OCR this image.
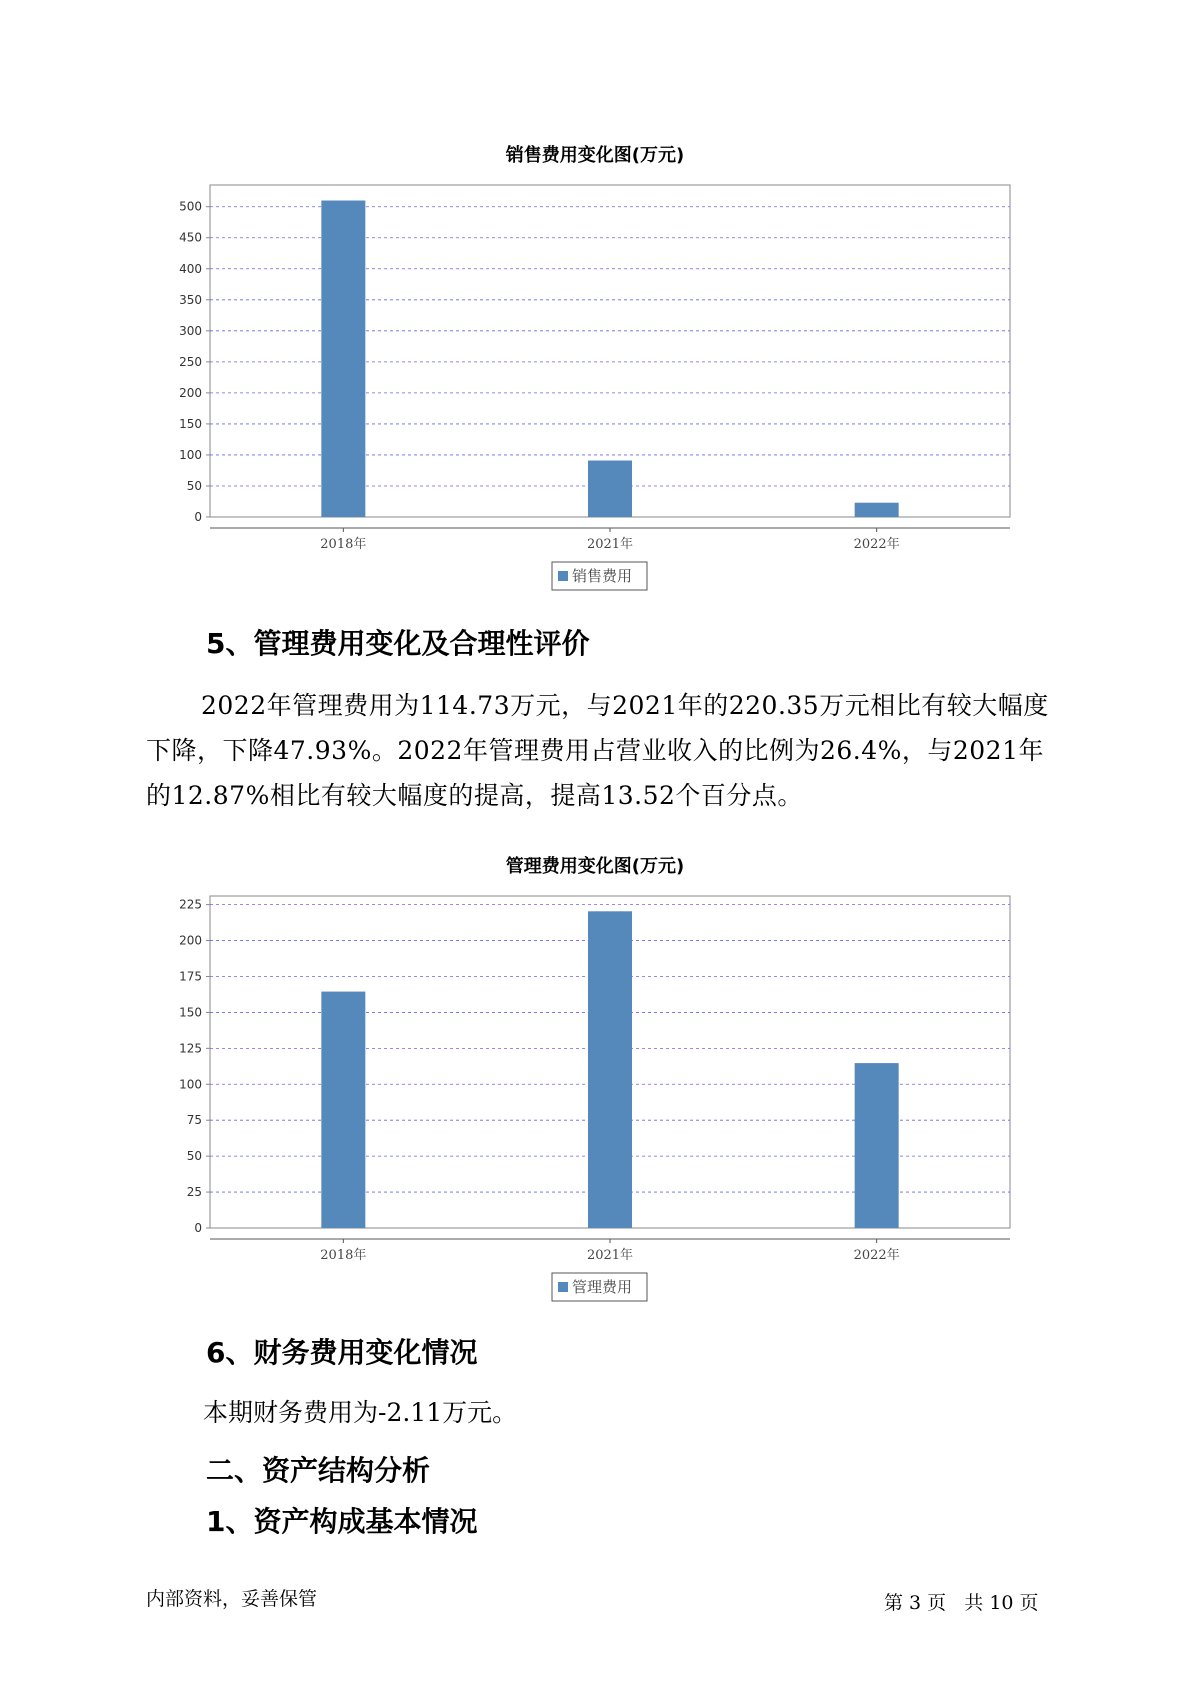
销售费用变化图(万元)
0
50
100
150
200
250
300
350
400
450
500
2018年	2021年	2022年
销售费用
5、管理费用变化及合理性评价

2022年管理费用为114.73万元，与2021年的220.35万元相比有较大幅度下降，下降47.93%。2022年管理费用占营业收入的比例为26.4%，与2021年的12.87%相比有较大幅度的提高，提高13.52个百分点。

管理费用变化图(万元)
0
25
50
75
100
125
150
175
200
225
2018年	2021年	2022年
管理费用
6、财务费用变化情况

本期财务费用为-2.11万元。

二、资产结构分析
1、资产构成基本情况
内部资料，妥善保管	第 3 页   共 10 页
